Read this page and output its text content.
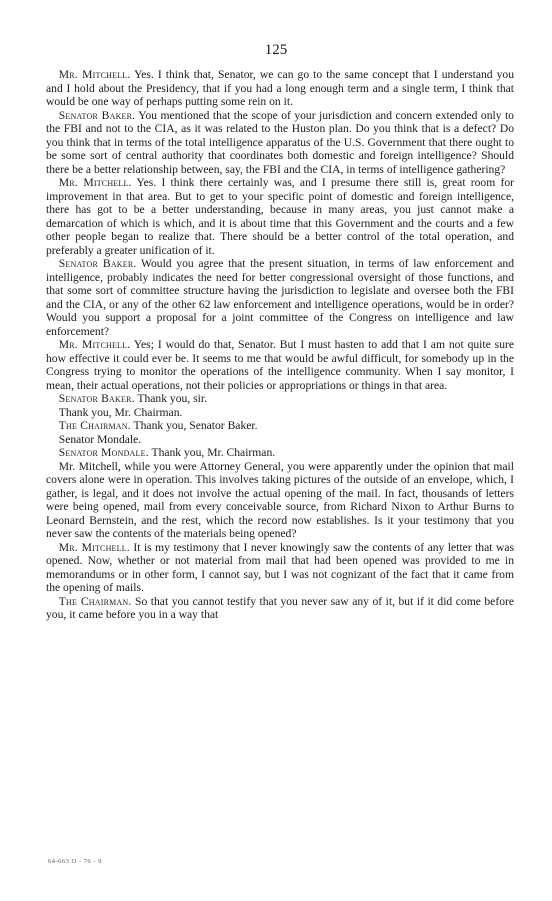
125

Mr. Mitchell. Yes. I think that, Senator, we can go to the same concept that I understand you and I hold about the Presidency, that if you had a long enough term and a single term, I think that would be one way of perhaps putting some rein on it.

Senator Baker. You mentioned that the scope of your jurisdiction and concern extended only to the FBI and not to the CIA, as it was related to the Huston plan. Do you think that is a defect? Do you think that in terms of the total intelligence apparatus of the U.S. Government that there ought to be some sort of central authority that coordinates both domestic and foreign intelligence? Should there be a better relationship between, say, the FBI and the CIA, in terms of intelligence gathering?

Mr. Mitchell. Yes. I think there certainly was, and I presume there still is, great room for improvement in that area. But to get to your specific point of domestic and foreign intelligence, there has got to be a better understanding, because in many areas, you just cannot make a demarcation of which is which, and it is about time that this Government and the courts and a few other people began to realize that. There should be a better control of the total operation, and preferably a greater unification of it.

Senator Baker. Would you agree that the present situation, in terms of law enforcement and intelligence, probably indicates the need for better congressional oversight of those functions, and that some sort of committee structure having the jurisdiction to legislate and oversee both the FBI and the CIA, or any of the other 62 law enforcement and intelligence operations, would be in order? Would you support a proposal for a joint committee of the Congress on intelligence and law enforcement?

Mr. Mitchell. Yes; I would do that, Senator. But I must hasten to add that I am not quite sure how effective it could ever be. It seems to me that would be awful difficult, for somebody up in the Congress trying to monitor the operations of the intelligence community. When I say monitor, I mean, their actual operations, not their policies or appropriations or things in that area.

Senator Baker. Thank you, sir.

Thank you, Mr. Chairman.

The Chairman. Thank you, Senator Baker.

Senator Mondale.

Senator Mondale. Thank you, Mr. Chairman.

Mr. Mitchell, while you were Attorney General, you were apparently under the opinion that mail covers alone were in operation. This involves taking pictures of the outside of an envelope, which, I gather, is legal, and it does not involve the actual opening of the mail. In fact, thousands of letters were being opened, mail from every conceivable source, from Richard Nixon to Arthur Burns to Leonard Bernstein, and the rest, which the record now establishes. Is it your testimony that you never saw the contents of the materials being opened?

Mr. Mitchell. It is my testimony that I never knowingly saw the contents of any letter that was opened. Now, whether or not material from mail that had been opened was provided to me in memorandums or in other form, I cannot say, but I was not cognizant of the fact that it came from the opening of mails.

The Chairman. So that you cannot testify that you never saw any of it, but if it did come before you, it came before you in a way that

64-663 O - 76 - 9
